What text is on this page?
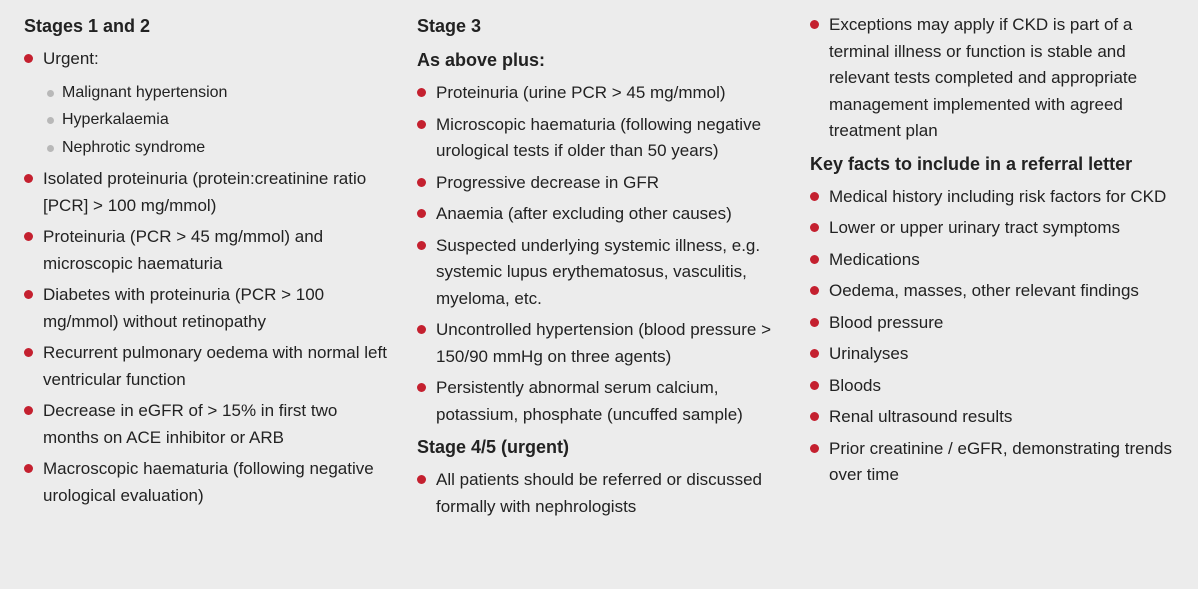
Stages 1 and 2
Urgent:
Malignant hypertension
Hyperkalaemia
Nephrotic syndrome
Isolated proteinuria (protein:creatinine ratio [PCR] > 100 mg/mmol)
Proteinuria (PCR > 45 mg/mmol) and microscopic haematuria
Diabetes with proteinuria (PCR > 100 mg/mmol) without retinopathy
Recurrent pulmonary oedema with normal left ventricular function
Decrease in eGFR of > 15% in first two months on ACE inhibitor or ARB
Macroscopic haematuria (following negative urological evaluation)
Stage 3
As above plus:
Proteinuria (urine PCR > 45 mg/mmol)
Microscopic haematuria (following negative urological tests if older than 50 years)
Progressive decrease in GFR
Anaemia (after excluding other causes)
Suspected underlying systemic illness, e.g. systemic lupus erythematosus, vasculitis, myeloma, etc.
Uncontrolled hypertension (blood pressure > 150/90 mmHg on three agents)
Persistently abnormal serum calcium, potassium, phosphate (uncuffed sample)
Stage 4/5 (urgent)
All patients should be referred or discussed formally with nephrologists
Exceptions may apply if CKD is part of a terminal illness or function is stable and relevant tests completed and appropriate management implemented with agreed treatment plan
Key facts to include in a referral letter
Medical history including risk factors for CKD
Lower or upper urinary tract symptoms
Medications
Oedema, masses, other relevant findings
Blood pressure
Urinalyses
Bloods
Renal ultrasound results
Prior creatinine / eGFR, demonstrating trends over time
